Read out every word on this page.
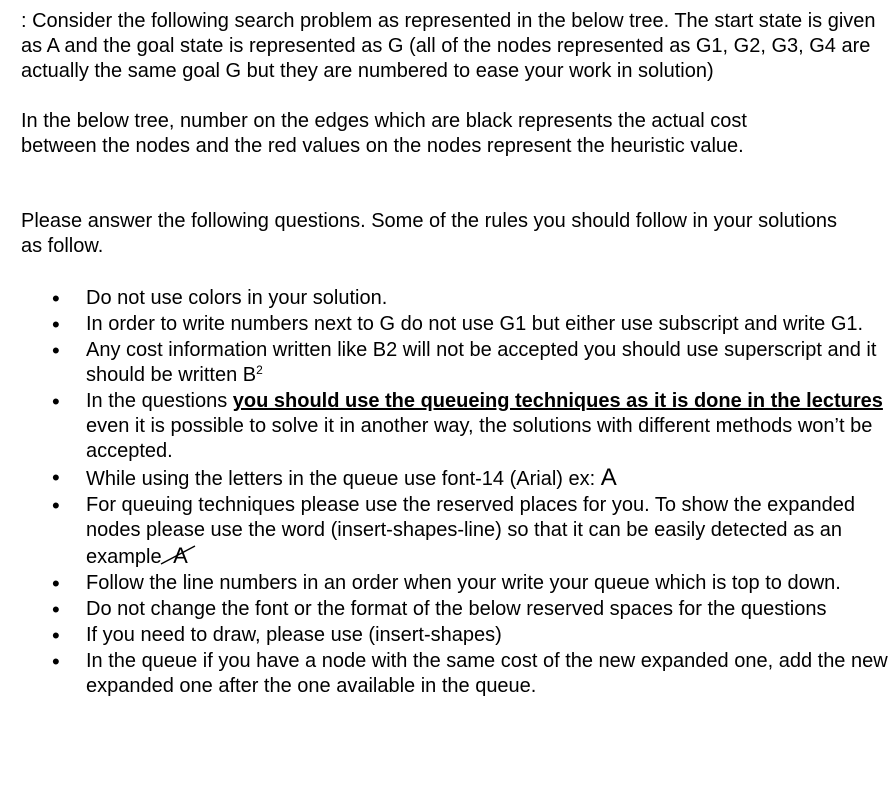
: Consider the following search problem as represented in the below tree. The start state is given as A and the goal state is represented as G (all of the nodes represented as G1, G2, G3, G4 are actually the same goal G but they are numbered to ease your work in solution)

In the below tree, number on the edges which are black represents the actual cost between the nodes and the red values on the nodes represent the heuristic value.

Please answer the following questions. Some of the rules you should follow in your solutions as follow.

• Do not use colors in your solution.
• In order to write numbers next to G do not use G1 but either use subscript and write G1.
• Any cost information written like B2 will not be accepted you should use superscript and it should be written $B^2$
• In the questions you should use the queueing techniques as it is done in the lectures even it is possible to solve it in another way, the solutions with different methods won’t be accepted.
• While using the letters in the queue use font-14 (Arial) ex: A
• For queuing techniques please use the reserved places for you. To show the expanded nodes please use the word (insert-shapes-line) so that it can be easily detected as an example
A
• Follow the line numbers in an order when your write your queue which is top to down.
• Do not change the font or the format of the below reserved spaces for the questions
• If you need to draw, please use (insert-shapes)
• In the queue if you have a node with the same cost of the new expanded one, add the new expanded one after the one available in the queue.
